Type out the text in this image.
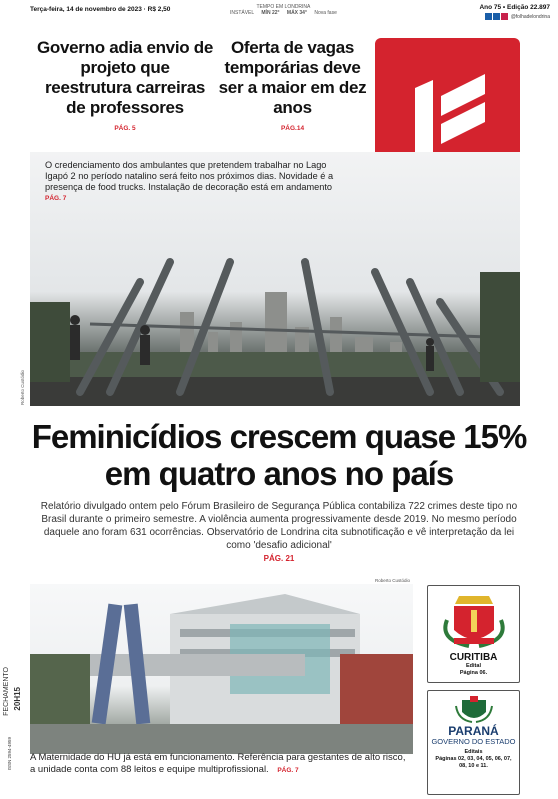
Terça-feira, 14 de novembro de 2023 · R$ 2,50	TEMPO EM LONDRINA
INSTÁVEL MÍN 22° MÁX 34° Nova fase
Ano 75 • Edição 22.897
@folhadelondrina
Governo adia envio de projeto que reestrutura carreiras de professores
PÁG. 5
Oferta de vagas temporárias deve ser a maior em dez anos
PÁG.14
O credenciamento dos ambulantes que pretendem trabalhar no Lago Igapó 2 no período natalino será feito nos próximos dias. Novidade é a presença de food trucks. Instalação de decoração está em andamento
PÁG. 7
Roberto Custódio
Feminicídios crescem quase 15% em quatro anos no país
Relatório divulgado ontem pelo Fórum Brasileiro de Segurança Pública contabiliza 722 crimes deste tipo no Brasil durante o primeiro semestre. A violência aumenta progressivamente desde 2019. No mesmo período daquele ano foram 631 ocorrências. Observatório de Londrina cita subnotificação e vê interpretação da lei como 'desafio adicional'
PÁG. 21
Roberto Custódio
A Maternidade do HU já está em funcionamento. Referência para gestantes de alto risco, a unidade conta com 88 leitos e equipe multiprofissional. PÁG. 7
FECHAMENTO 20H15
ISSN 2594-4959
CURITIBA
Edital
Página 06.
PARANÁ
GOVERNO DO ESTADO
Editais
Páginas 02, 03, 04, 05, 06, 07, 08, 10 e 11.
